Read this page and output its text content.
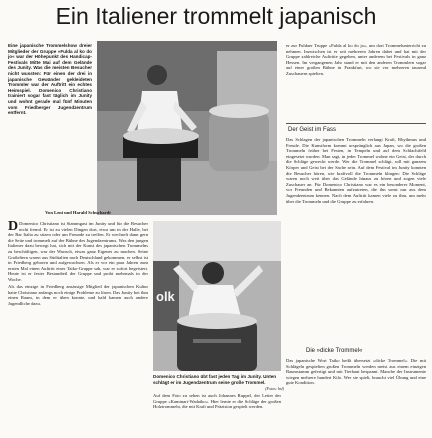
Ein Italiener trommelt japanisch

Eine japanische Trommelshow dreier Mitglieder der Gruppe »Fulda al ko do jo« war der Höhepunkt des Handicap-Festivals Mitte Mai auf dem Gelände des Junity. Was die meisten Besucher nicht wussten: Für einen der drei in japanische Gewänder gekleideten Trommler war der Auftritt ein echtes Heimspiel. Domenico Christiano trainiert sogar fast täglich im Junity und wohnt gerade mal fünf Minuten vom Friedberger Jugendzentrum entfernt.

er zur Fuldaer Truppe »Fulda al ko do jo«, um dort Trommelunterricht zu nehmen. Inzwischen ist er seit mehreren Jahren dabei und hat mit der Gruppe zahlreiche Auftritte gegeben, unter anderem bei Festivals in ganz Hessen. Im vergangenen Jahr stand er mit den anderen Trommlern sogar auf einer großen Bühne in Frankfurt, wo sie vor mehreren tausend Zuschauern spielten.

Der Geist im Fass

Das Schlagen der japanischen Trommeln verlangt Kraft, Rhythmus und Freude. Die Kunstform kommt ursprünglich aus Japan, wo die großen Trommeln früher bei Festen, in Tempeln und auf dem Schlachtfeld eingesetzt wurden. Man sagt, in jeder Trommel wohne ein Geist, der durch die Schläge geweckt werde. Wer die Trommel schlägt, soll mit ganzem Körper und Geist bei der Sache sein. Auf dem Festival im Junity konnten die Besucher hören, wie kraftvoll die Trommeln klingen: Die Schläge waren noch weit über das Gelände hinaus zu hören und zogen viele Zuschauer an. Für Domenico Christiano war es ein besonderer Moment, vor Freunden und Bekannten aufzutreten, die ihn sonst nur aus dem Jugendzentrum kennen. Nach dem Auftritt kamen viele zu ihm, um mehr über die Trommeln und die Gruppe zu erfahren.

Die »dicke Trommel«

Das japanische Wort Taiko heißt übersetzt »dicke Trommel«. Die mit Schlägeln gespielten großen Trommeln werden meist aus einem einzigen Baumstamm gefertigt und mit Tierhaut bespannt. Manche der Instrumente wiegen mehrere hundert Kilo. Wer sie spielt, braucht viel Übung und eine gute Kondition.

Von Leni und Harald Schuchardt

D Domenico Christiano ist Stammgast im Junity und für die Besucher nicht fremd. Er ist zu vielen Dingen dort, etwa um in der Halle, bei der Bar Italia zu sitzen oder um Freunde zu treffen. Er wechselt dann gern die Seite und trommelt auf der Bühne des Jugendzentrums. Was den jungen Italiener dazu bewegt hat, sich mit der Kunst des japanischen Trommelns zu beschäftigen, war der Wunsch, etwas ganz Eigenes zu machen. Seine Großeltern waren aus Süditalien nach Deutschland gekommen, er selbst ist in Friedberg geboren und aufgewachsen. Als er vor ein paar Jahren zum ersten Mal einen Auftritt einer Taiko-Gruppe sah, war er sofort begeistert. Heute ist er fester Bestandteil der Gruppe und probt mehrmals in der Woche.

Als das einzige in Friedberg ansässige Mitglied der japanischen Kultur hatte Christiano anfangs noch einige Probleme zu lösen. Das Junity bot ihm einen Raum, in dem er üben konnte, und bald kamen auch andere Jugendliche dazu.	olk
Domenico Christiano übt fast jeden Tag im Junity. Unten schlägt er im Jugendzentrum seine große Trommel.
(Fotos: hsl)

Auf dem Foto zu sehen ist auch Johannes Ruppel, der Leiter der Gruppe »Kaminari-Wadaiko«. Hier lernte er die Schläge der großen Holztrommeln, die mit Kraft und Präzision gespielt werden.
